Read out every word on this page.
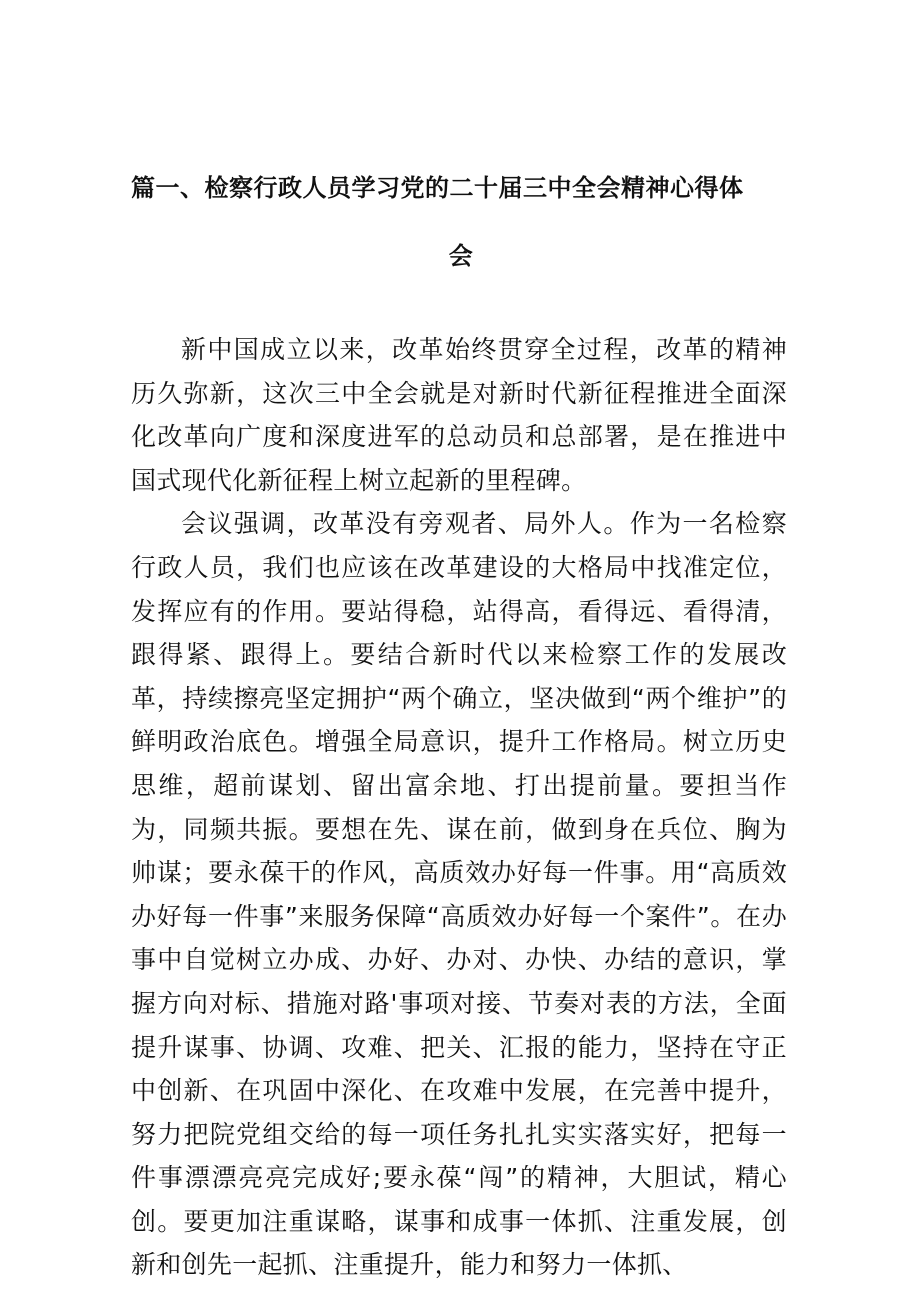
篇一、检察行政人员学习党的二十届三中全会精神心得体
会

新中国成立以来，改革始终贯穿全过程，改革的精神历久弥新，这次三中全会就是对新时代新征程推进全面深化改革向广度和深度进军的总动员和总部署，是在推进中国式现代化新征程上树立起新的里程碑。

会议强调，改革没有旁观者、局外人。作为一名检察行政人员，我们也应该在改革建设的大格局中找准定位，发挥应有的作用。要站得稳，站得高，看得远、看得清，跟得紧、跟得上。要结合新时代以来检察工作的发展改革，持续擦亮坚定拥护“两个确立，坚决做到“两个维护”的鲜明政治底色。增强全局意识，提升工作格局。树立历史思维，超前谋划、留出富余地、打出提前量。要担当作为，同频共振。要想在先、谋在前，做到身在兵位、胸为帅谋；要永葆干的作风，高质效办好每一件事。用“高质效办好每一件事”来服务保障“高质效办好每一个案件”。在办事中自觉树立办成、办好、办对、办快、办结的意识，掌握方向对标、措施对路'事项对接、节奏对表的方法，全面提升谋事、协调、攻难、把关、汇报的能力，坚持在守正中创新、在巩固中深化、在攻难中发展，在完善中提升，努力把院党组交给的每一项任务扎扎实实落实好，把每一件事漂漂亮亮完成好;要永葆“闯”的精神，大胆试，精心创。要更加注重谋略，谋事和成事一体抓、注重发展，创新和创先一起抓、注重提升，能力和努力一体抓、
